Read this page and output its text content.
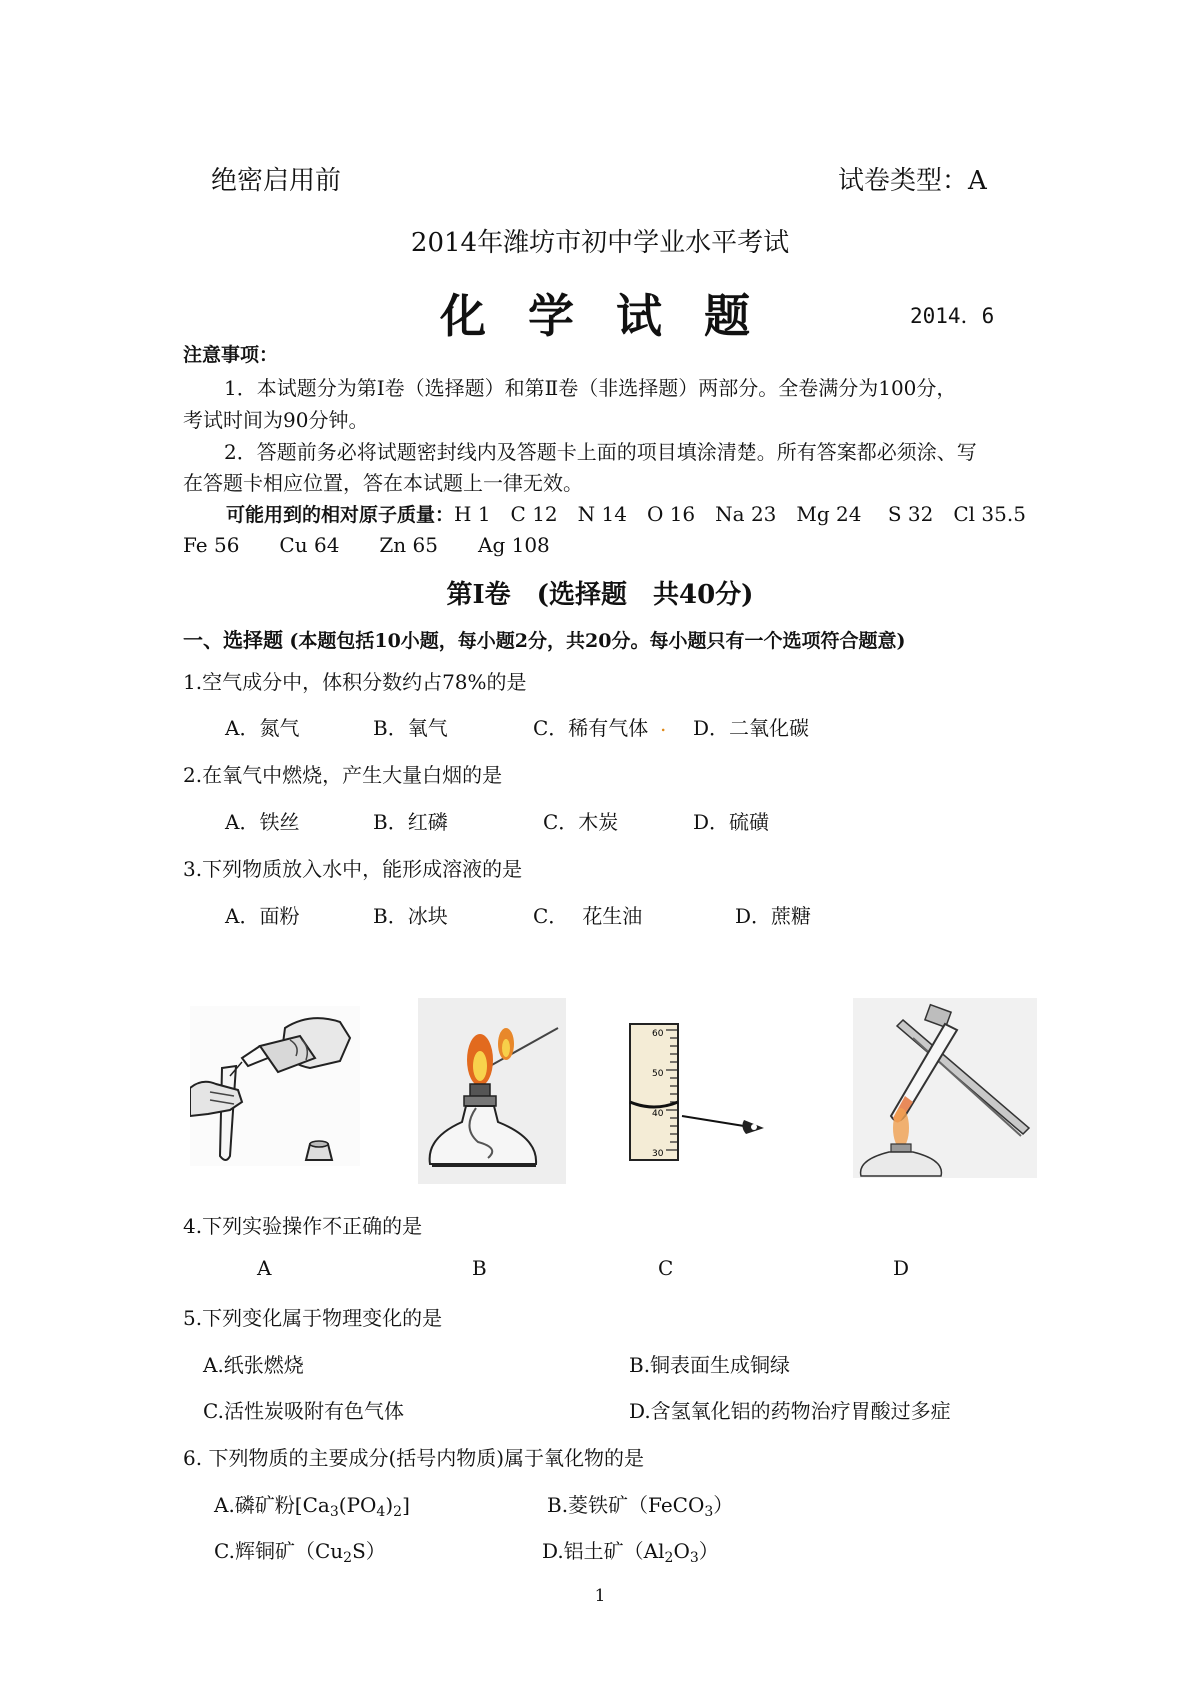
绝密启用前	试卷类型：A
2014年潍坊市初中学业水平考试
化学试题	2014．6
注意事项：
1．本试题分为第Ⅰ卷（选择题）和第Ⅱ卷（非选择题）两部分。全卷满分为100分，
考试时间为90分钟。
2．答题前务必将试题密封线内及答题卡上面的项目填涂清楚。所有答案都必须涂、写
在答题卡相应位置，答在本试题上一律无效。
可能用到的相对原子质量：H 1　C 12　N 14　O 16　Na 23　Mg 24　 S 32　Cl 35.5
Fe 56　　Cu 64　　Zn 65　　Ag 108
第Ⅰ卷　(选择题　共40分)
一、选择题 (本题包括10小题，每小题2分，共20分。每小题只有一个选项符合题意)
1.空气成分中，体积分数约占78%的是
A．氮气	B．氧气	C．稀有气体 . D．二氧化碳
2.在氧气中燃烧，产生大量白烟的是
A．铁丝	B．红磷	C．木炭	D．硫磺
3.下列物质放入水中，能形成溶液的是
A．面粉	B．冰块	C． 花生油	D．蔗糖
60
50
40
30
4.下列实验操作不正确的是
A	B	C	D
5.下列变化属于物理变化的是
A.纸张燃烧	B.铜表面生成铜绿
C.活性炭吸附有色气体	D.含氢氧化铝的药物治疗胃酸过多症
6. 下列物质的主要成分(括号内物质)属于氧化物的是
A.磷矿粉$[Ca_3(PO_4)_2]$	B.菱铁矿（FeCO$_3$）
C.辉铜矿$(Cu_2S)$	D.铝土矿$(Al_2O_3)$
1
